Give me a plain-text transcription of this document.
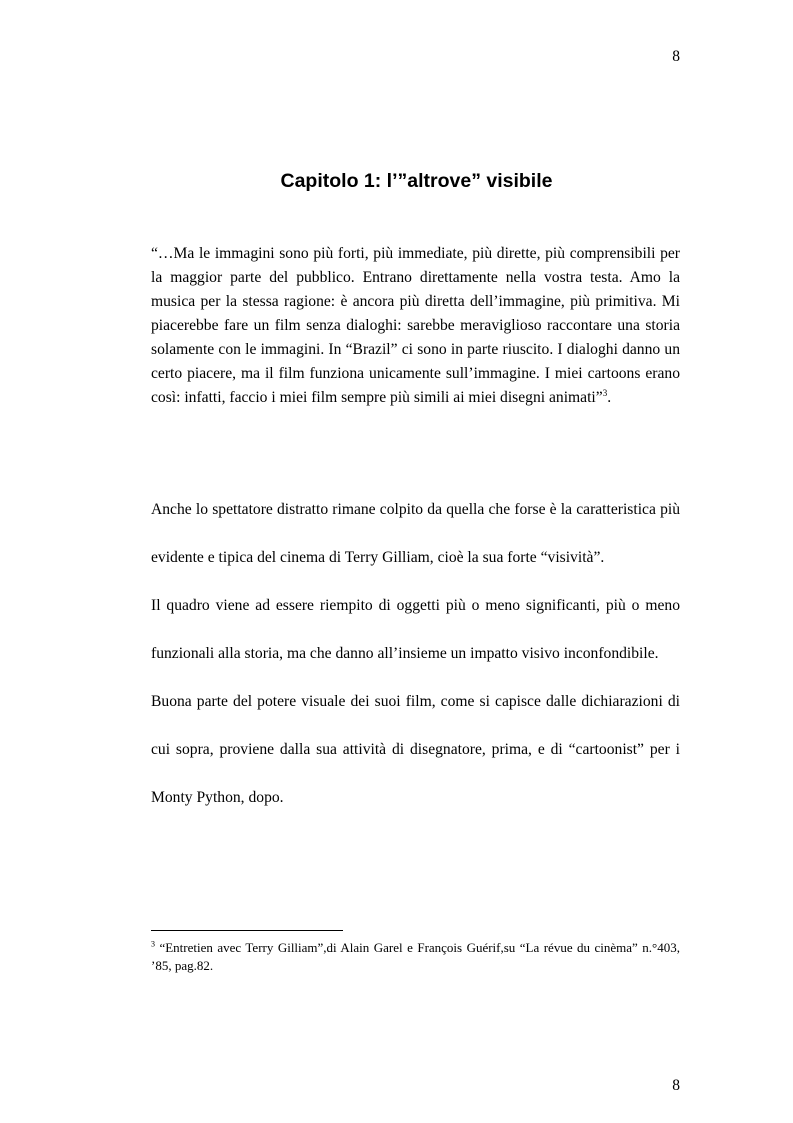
8
Capitolo 1: l’”altrove” visibile
“…Ma le immagini sono più forti, più immediate, più dirette, più comprensibili per la maggior parte del pubblico. Entrano direttamente nella vostra testa. Amo la musica per la stessa ragione: è ancora più diretta dell’immagine, più primitiva. Mi piacerebbe fare un film senza dialoghi: sarebbe meraviglioso raccontare una storia solamente con le immagini. In “Brazil” ci sono in parte riuscito. I dialoghi danno un certo piacere, ma il film funziona unicamente sull’immagine. I miei cartoons erano così: infatti, faccio i miei film sempre più simili ai miei disegni animati”$^3$.

Anche lo spettatore distratto rimane colpito da quella che forse è la caratteristica più evidente e tipica del cinema di Terry Gilliam, cioè la sua forte “visività”.

Il quadro viene ad essere riempito di oggetti più o meno significanti, più o meno funzionali alla storia, ma che danno all’insieme un impatto visivo inconfondibile.

Buona parte del potere visuale dei suoi film, come si capisce dalle dichiarazioni di cui sopra, proviene dalla sua attività di disegnatore, prima, e di “cartoonist” per i Monty Python, dopo.

$^3$ “Entretien avec Terry Gilliam”,di Alain Garel e François Guérif,su “La révue du cinèma” n.°403, ’85, pag.82.
8
